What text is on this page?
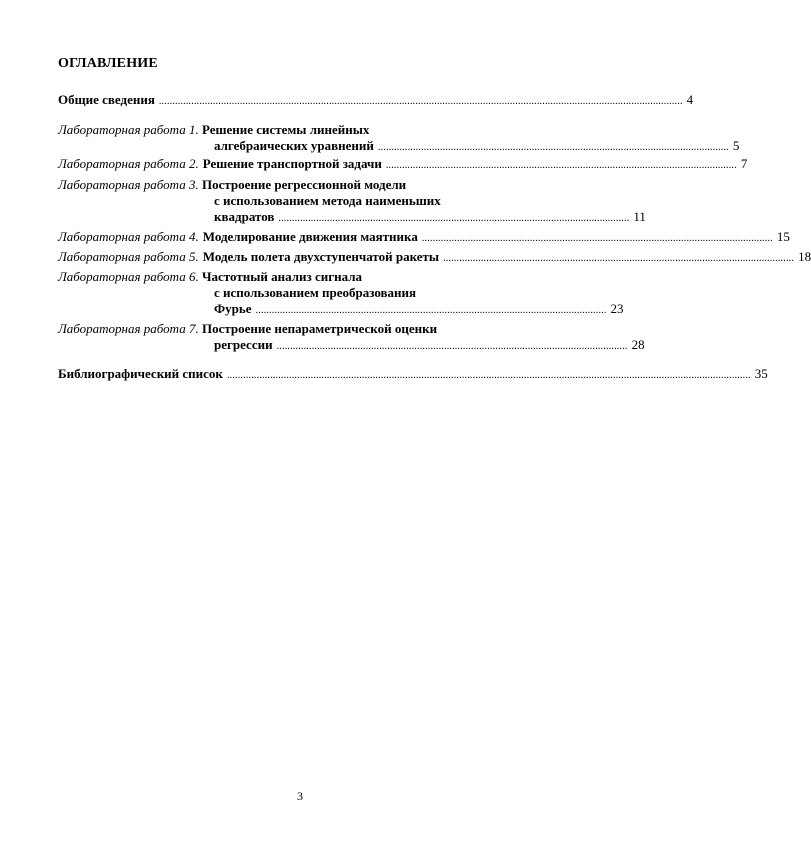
ОГЛАВЛЕНИЕ
Общие сведения .................................................................................................................................................................................................. 4
Лабораторная работа 1. Решение системы линейных
алгебраических уравнений .................................................................................................................................. 5
Лабораторная работа 2. Решение транспортной задачи .................................................................................................................................. 7
Лабораторная работа 3. Построение регрессионной модели
с использованием метода наименьших
квадратов .................................................................................................................................. 11
Лабораторная работа 4. Моделирование движения маятника .................................................................................................................................. 15
Лабораторная работа 5. Модель полета двухступенчатой ракеты .................................................................................................................................. 18
Лабораторная работа 6. Частотный анализ сигнала
с использованием преобразования
Фурье .................................................................................................................................. 23
Лабораторная работа 7. Построение непараметрической оценки
регрессии .................................................................................................................................. 28
Библиографический список .................................................................................................................................................................................................. 35
3
